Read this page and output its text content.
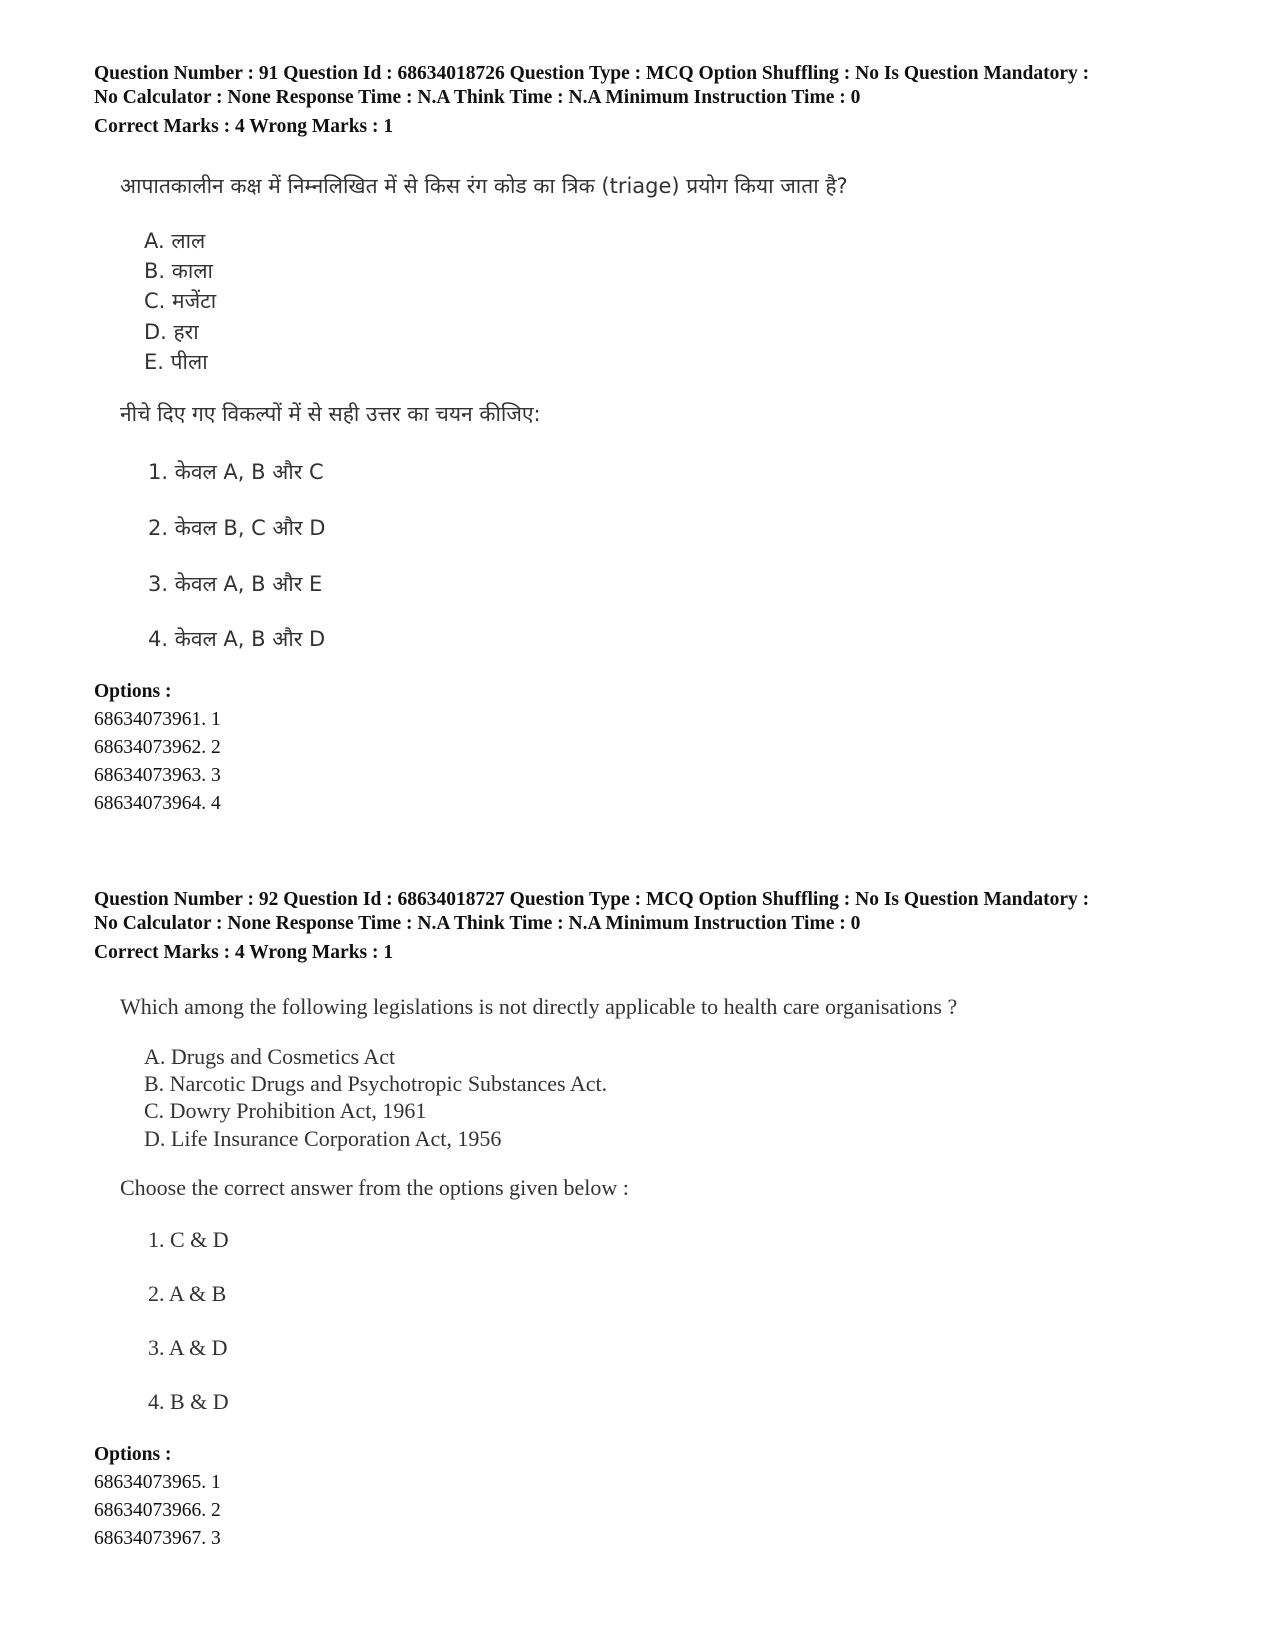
Question Number : 91 Question Id : 68634018726 Question Type : MCQ Option Shuffling : No Is Question Mandatory :

No Calculator : None Response Time : N.A Think Time : N.A Minimum Instruction Time : 0

Correct Marks : 4 Wrong Marks : 1

आपातकालीन कक्ष में निम्नलिखित में से किस रंग कोड का त्रिक (triage) प्रयोग किया जाता है?

A. लाल

B. काला

C. मजेंटा

D. हरा

E. पीला

नीचे दिए गए विकल्पों में से सही उत्तर का चयन कीजिए:

1. केवल A, B और C

2. केवल B, C और D

3. केवल A, B और E

4. केवल A, B और D

Options :

68634073961. 1

68634073962. 2

68634073963. 3

68634073964. 4

Question Number : 92 Question Id : 68634018727 Question Type : MCQ Option Shuffling : No Is Question Mandatory :

No Calculator : None Response Time : N.A Think Time : N.A Minimum Instruction Time : 0

Correct Marks : 4 Wrong Marks : 1

Which among the following legislations is not directly applicable to health care organisations ?

A. Drugs and Cosmetics Act

B. Narcotic Drugs and Psychotropic Substances Act.

C. Dowry Prohibition Act, 1961

D. Life Insurance Corporation Act, 1956

Choose the correct answer from the options given below :

1. C & D

2. A & B

3. A & D

4. B & D

Options :

68634073965. 1

68634073966. 2

68634073967. 3
